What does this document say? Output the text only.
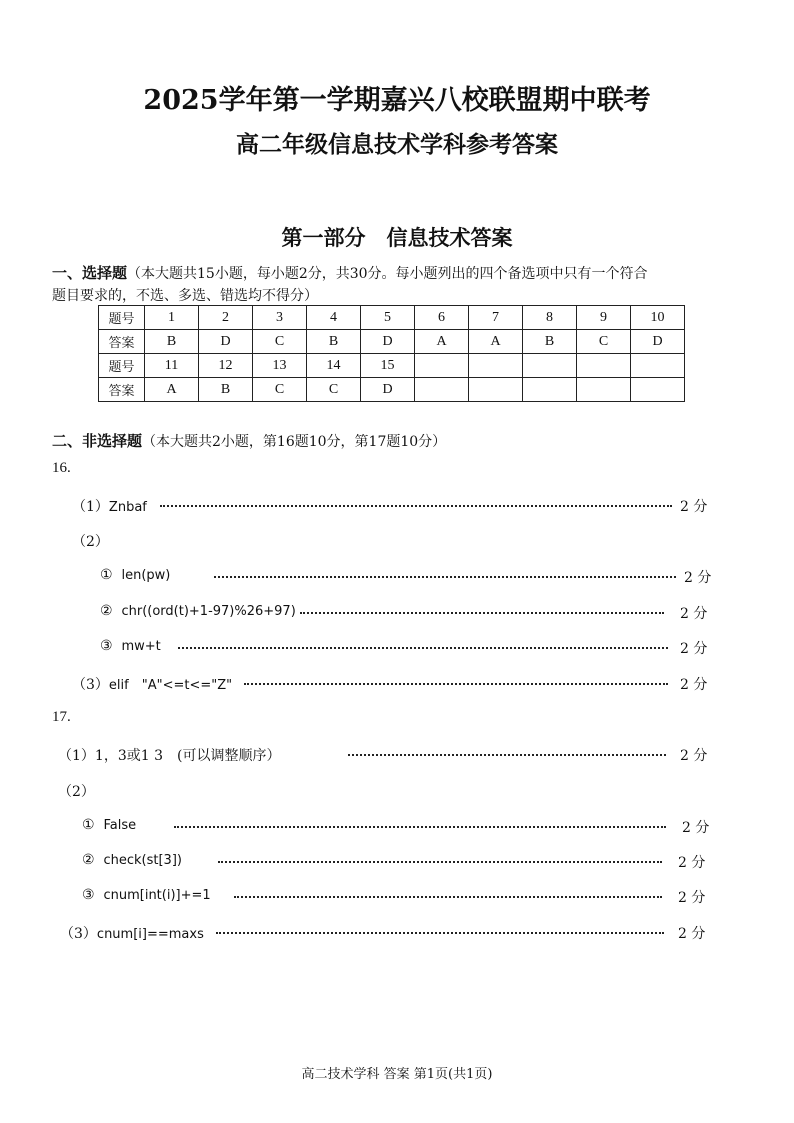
2025学年第一学期嘉兴八校联盟期中联考
高二年级信息技术学科参考答案
第一部分　信息技术答案
一、选择题（本大题共15小题，每小题2分，共30分。每小题列出的四个备选项中只有一个符合
题目要求的，不选、多选、错选均不得分）
题号	1	2	3	4	5	6	7	8	9	10
答案	B	D	C	B	D	A	A	B	C	D
题号	11	12	13	14	15					
答案	A	B	C	C	D					
二、非选择题（本大题共2小题，第16题10分，第17题10分）
16.
（1）Znbaf	2 分
（2）
① len(pw)	2 分
② chr((ord(t)+1-97)%26+97)	2 分
③ mw+t	2 分
（3）elif　"A"<=t<="Z"	2 分
17.
（1）1，3或1 3　(可以调整顺序）	2 分
（2）
① False	2 分
② check(st[3])	2 分
③ cnum[int(i)]+=1	2 分
（3）cnum[i]==maxs	2 分
高二技术学科 答案 第1页(共1页)
